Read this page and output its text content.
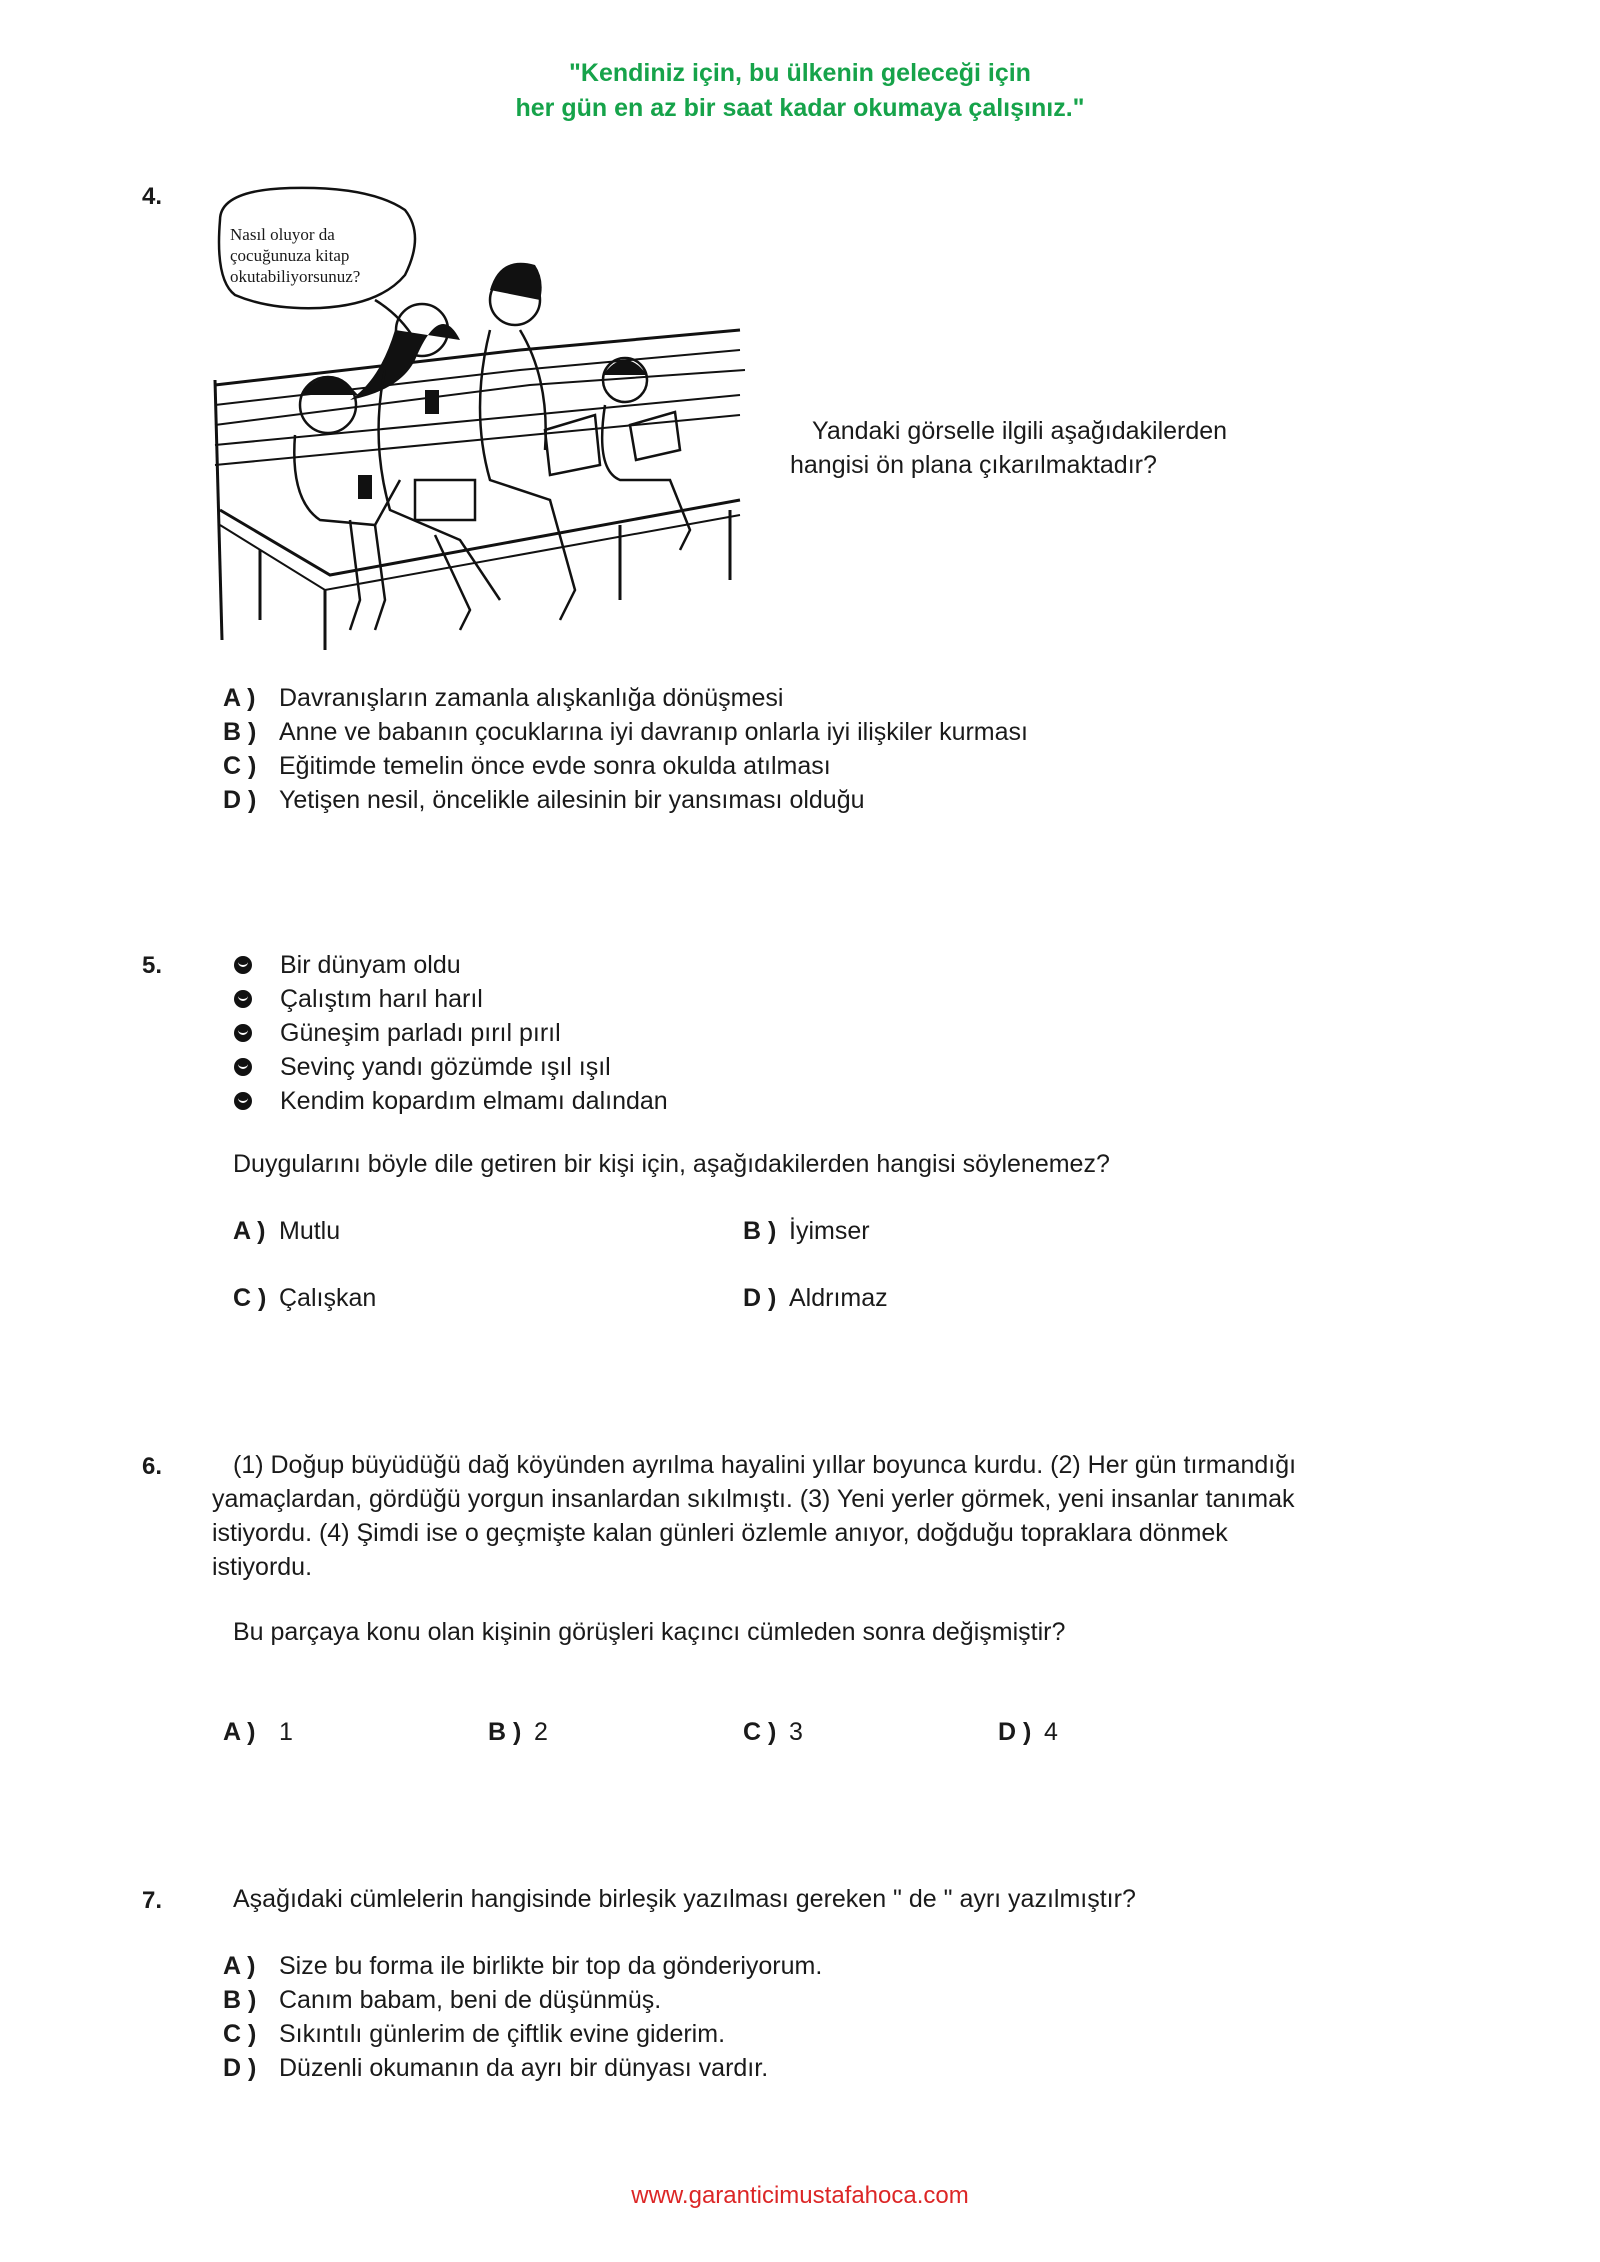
"Kendiniz için, bu ülkenin geleceği için
her gün en az bir saat kadar okumaya çalışınız."
4.
Nasıl oluyor da
çocuğunuza kitap
okutabiliyorsunuz?
Yandaki görselle ilgili aşağıdakilerden
hangisi ön plana çıkarılmaktadır?
A ) Davranışların zamanla alışkanlığa dönüşmesi
B ) Anne ve babanın çocuklarına iyi davranıp onlarla iyi ilişkiler kurması
C ) Eğitimde temelin önce evde sonra okulda atılması
D ) Yetişen nesil, öncelikle ailesinin bir yansıması olduğu
5.	Bir dünyam oldu
Çalıştım harıl harıl
Güneşim parladı pırıl pırıl
Sevinç yandı gözümde ışıl ışıl
Kendim kopardım elmamı dalından
Duygularını böyle dile getiren bir kişi için, aşağıdakilerden hangisi söylenemez?
A ) Mutlu	B ) İyimser
C ) Çalışkan	D ) Aldrımaz
6.	(1) Doğup büyüdüğü dağ köyünden ayrılma hayalini yıllar boyunca kurdu. (2) Her gün tırmandığı
yamaçlardan, gördüğü yorgun insanlardan sıkılmıştı. (3) Yeni yerler görmek, yeni insanlar tanımak
istiyordu. (4) Şimdi ise o geçmişte kalan günleri özlemle anıyor, doğduğu topraklara dönmek
istiyordu.
Bu parçaya konu olan kişinin görüşleri kaçıncı cümleden sonra değişmiştir?
A ) 1	B ) 2	C ) 3	D ) 4
7.	Aşağıdaki cümlelerin hangisinde birleşik yazılması gereken " de " ayrı yazılmıştır?
A ) Size bu forma ile birlikte bir top da gönderiyorum.
B ) Canım babam, beni de düşünmüş.
C ) Sıkıntılı günlerim de çiftlik evine giderim.
D ) Düzenli okumanın da ayrı bir dünyası vardır.
www.garanticimustafahoca.com
